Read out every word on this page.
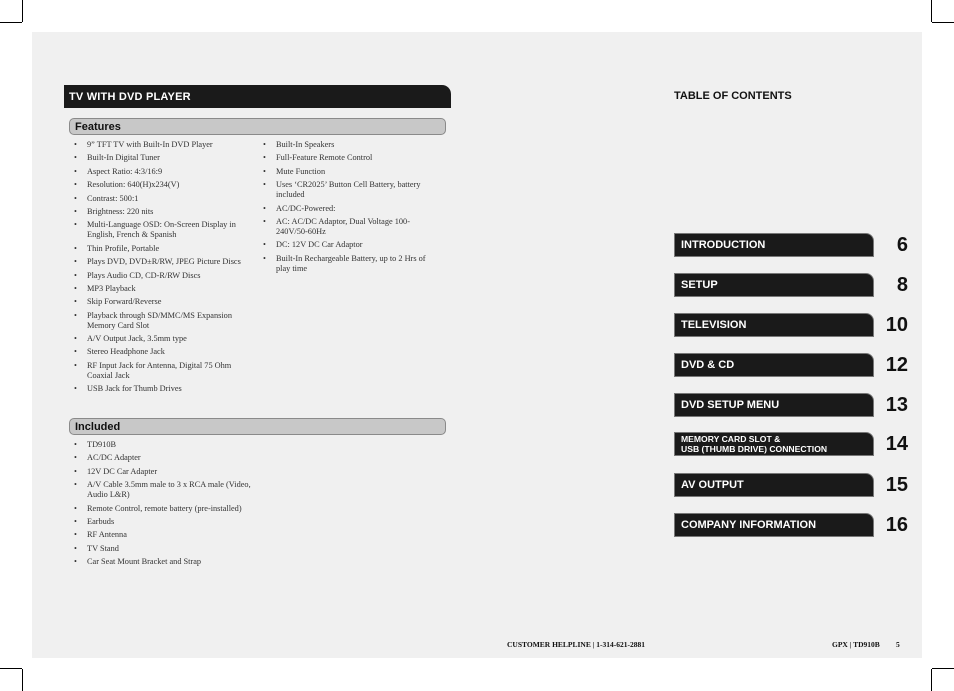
TV WITH DVD PLAYER
Features
• 9” TFT TV with Built-In DVD Player
• Built-In Digital Tuner
• Aspect Ratio: 4:3/16:9
• Resolution: 640(H)x234(V)
• Contrast: 500:1
• Brightness: 220 nits
• Multi-Language OSD: On-Screen Display in English, French & Spanish
• Thin Profile, Portable
• Plays DVD, DVD±R/RW, JPEG Picture Discs
• Plays Audio CD, CD-R/RW Discs
• MP3 Playback
• Skip Forward/Reverse
• Playback through SD/MMC/MS Expansion Memory Card Slot
• A/V Output Jack, 3.5mm type
• Stereo Headphone Jack
• RF Input Jack for Antenna, Digital 75 Ohm Coaxial Jack
• USB Jack for Thumb Drives
• Built-In Speakers
• Full-Feature Remote Control
• Mute Function
• Uses ‘CR2025’ Button Cell Battery, battery included
• AC/DC-Powered:
• AC: AC/DC Adaptor, Dual Voltage 100-240V/50-60Hz
• DC: 12V DC Car Adaptor
• Built-In Rechargeable Battery, up to 2 Hrs of play time
Included
• TD910B
• AC/DC Adapter
• 12V DC Car Adapter
• A/V Cable 3.5mm male to 3 x RCA male (Video, Audio L&R)
• Remote Control, remote battery (pre-installed)
• Earbuds
• RF Antenna
• TV Stand
• Car Seat Mount Bracket and Strap
TABLE OF CONTENTS
INTRODUCTION	6
SETUP	8
TELEVISION	10
DVD & CD	12
DVD SETUP MENU	13
MEMORY CARD SLOT &
USB (THUMB DRIVE) CONNECTION	14
AV OUTPUT	15
COMPANY INFORMATION	16
CUSTOMER HELPLINE | 1-314-621-2881	GPX | TD910B 5
